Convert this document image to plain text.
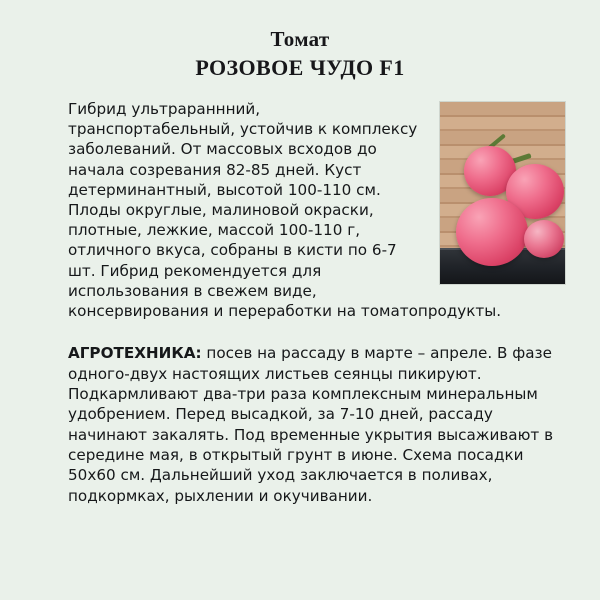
Томат
РОЗОВОЕ ЧУДО F1

Гибрид ультрараннний, транспортабельный, устойчив к комплексу заболеваний. От массовых всходов до начала созревания 82-85 дней. Куст детерминантный, высотой 100-110 см. Плоды округлые, малиновой окраски, плотные, лежкие, массой 100-110 г, отличного вкуса, собраны в кисти по 6-7 шт. Гибрид рекомендуется для использования в свежем виде, консервирования и переработки на томатопродукты.

АГРОТЕХНИКА: посев на рассаду в марте – апреле. В фазе одного-двух настоящих листьев сеянцы пикируют. Подкармливают два-три раза комплексным минеральным удобрением. Перед высадкой, за 7-10 дней, рассаду начинают закалять. Под временные укрытия высаживают в середине мая, в открытый грунт в июне. Схема посадки 50х60 см. Дальнейший уход заключается в поливах, подкормках, рыхлении и окучивании.
